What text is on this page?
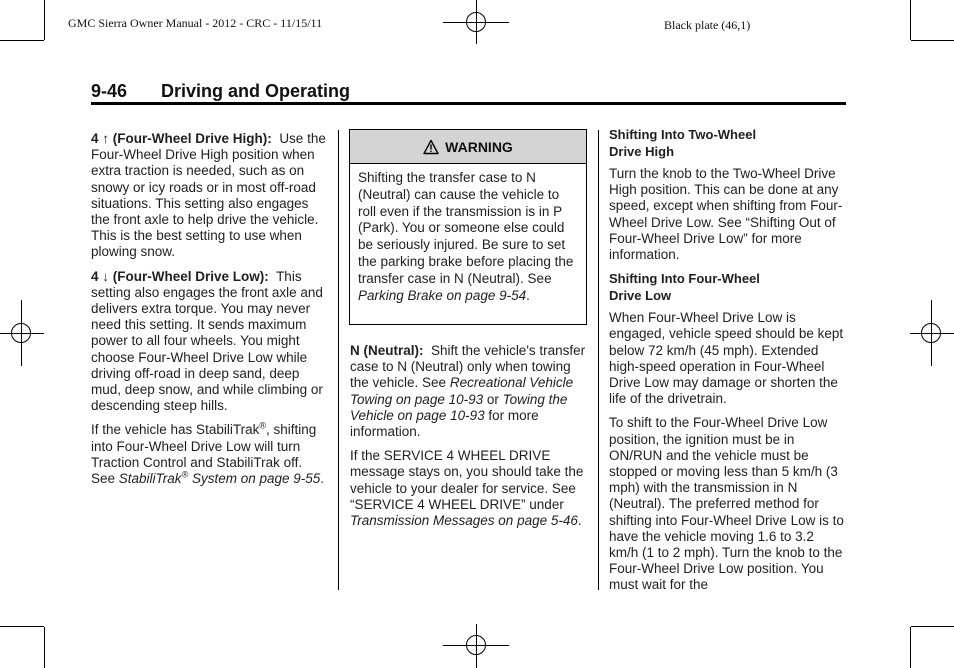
GMC Sierra Owner Manual - 2012 - CRC - 11/15/11	Black plate (46,1)
9-46 Driving and Operating

4 ↑ (Four-Wheel Drive High): Use the Four-Wheel Drive High position when extra traction is needed, such as on snowy or icy roads or in most off-road situations. This setting also engages the front axle to help drive the vehicle. This is the best setting to use when plowing snow.

4 ↓ (Four-Wheel Drive Low): This setting also engages the front axle and delivers extra torque. You may never need this setting. It sends maximum power to all four wheels. You might choose Four-Wheel Drive Low while driving off-road in deep sand, deep mud, deep snow, and while climbing or descending steep hills.

If the vehicle has StabiliTrak®, shifting into Four-Wheel Drive Low will turn Traction Control and StabiliTrak off. See StabiliTrak® System on page 9-55.

WARNING
Shifting the transfer case to N (Neutral) can cause the vehicle to roll even if the transmission is in P (Park). You or someone else could be seriously injured. Be sure to set the parking brake before placing the transfer case in N (Neutral). See Parking Brake on page 9-54.

N (Neutral): Shift the vehicle's transfer case to N (Neutral) only when towing the vehicle. See Recreational Vehicle Towing on page 10-93 or Towing the Vehicle on page 10-93 for more information.

If the SERVICE 4 WHEEL DRIVE message stays on, you should take the vehicle to your dealer for service. See “SERVICE 4 WHEEL DRIVE” under Transmission Messages on page 5-46.

Shifting Into Two-Wheel Drive High

Turn the knob to the Two-Wheel Drive High position. This can be done at any speed, except when shifting from Four-Wheel Drive Low. See “Shifting Out of Four-Wheel Drive Low” for more information.

Shifting Into Four-Wheel Drive Low

When Four-Wheel Drive Low is engaged, vehicle speed should be kept below 72 km/h (45 mph). Extended high-speed operation in Four-Wheel Drive Low may damage or shorten the life of the drivetrain.

To shift to the Four-Wheel Drive Low position, the ignition must be in ON/RUN and the vehicle must be stopped or moving less than 5 km/h (3 mph) with the transmission in N (Neutral). The preferred method for shifting into Four-Wheel Drive Low is to have the vehicle moving 1.6 to 3.2 km/h (1 to 2 mph). Turn the knob to the Four-Wheel Drive Low position. You must wait for the
